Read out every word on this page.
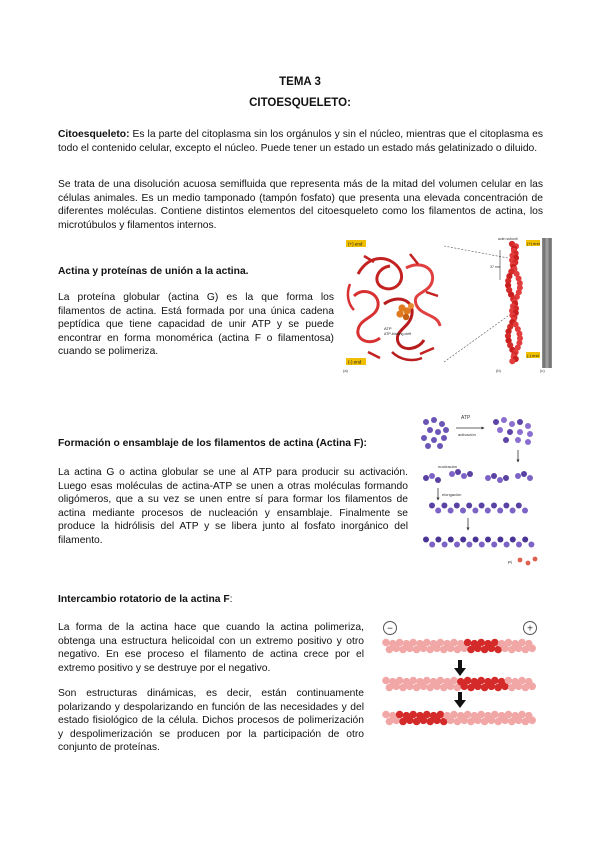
TEMA 3
CITOESQUELETO:

Citoesqueleto: Es la parte del citoplasma sin los orgánulos y sin el núcleo, mientras que el citoplasma es todo el contenido celular, excepto el núcleo. Puede tener un estado un estado más gelatinizado o diluido.

Se trata de una disolución acuosa semifluida que representa más de la mitad del volumen celular en las células animales. Es un medio tamponado (tampón fosfato) que presenta una elevada concentración de diferentes moléculas. Contiene distintos elementos del citoesqueleto como los filamentos de actina, los microtúbulos y filamentos internos.

Actina y proteínas de unión a la actina.

La proteína globular (actina G) es la que forma los filamentos de actina. Está formada por una única cadena peptídica que tiene capacidad de unir ATP y se puede encontrar en forma monomérica (actina F o filamentosa) cuando se polimeriza.

ATP
ATP-binding cleft
(+) end
(-) end
(a)
actin subunit
37 nm
(+) end
(-) end
(b)	(c)

Formación o ensamblaje de los filamentos de actina (Actina F):

La actina G o actina globular se une al ATP para producir su activación. Luego esas moléculas de actina-ATP se unen a otras moléculas formando oligómeros, que a su vez se unen entre sí para formar los filamentos de actina mediante procesos de nucleación y ensamblaje. Finalmente se produce la hidrólisis del ATP y se libera junto al fosfato inorgánico del filamento.

ATP
activación
nucleación
elongación
Pi

Intercambio rotatorio de la actina F:

La forma de la actina hace que cuando la actina polimeriza, obtenga una estructura helicoidal con un extremo positivo y otro negativo. En ese proceso el filamento de actina crece por el extremo positivo y se destruye por el negativo.

Son estructuras dinámicas, es decir, están continuamente polarizando y despolarizando en función de las necesidades y del estado fisiológico de la célula. Dichos procesos de polimerización y despolimerización se producen por la participación de otro conjunto de proteínas.

−	+
